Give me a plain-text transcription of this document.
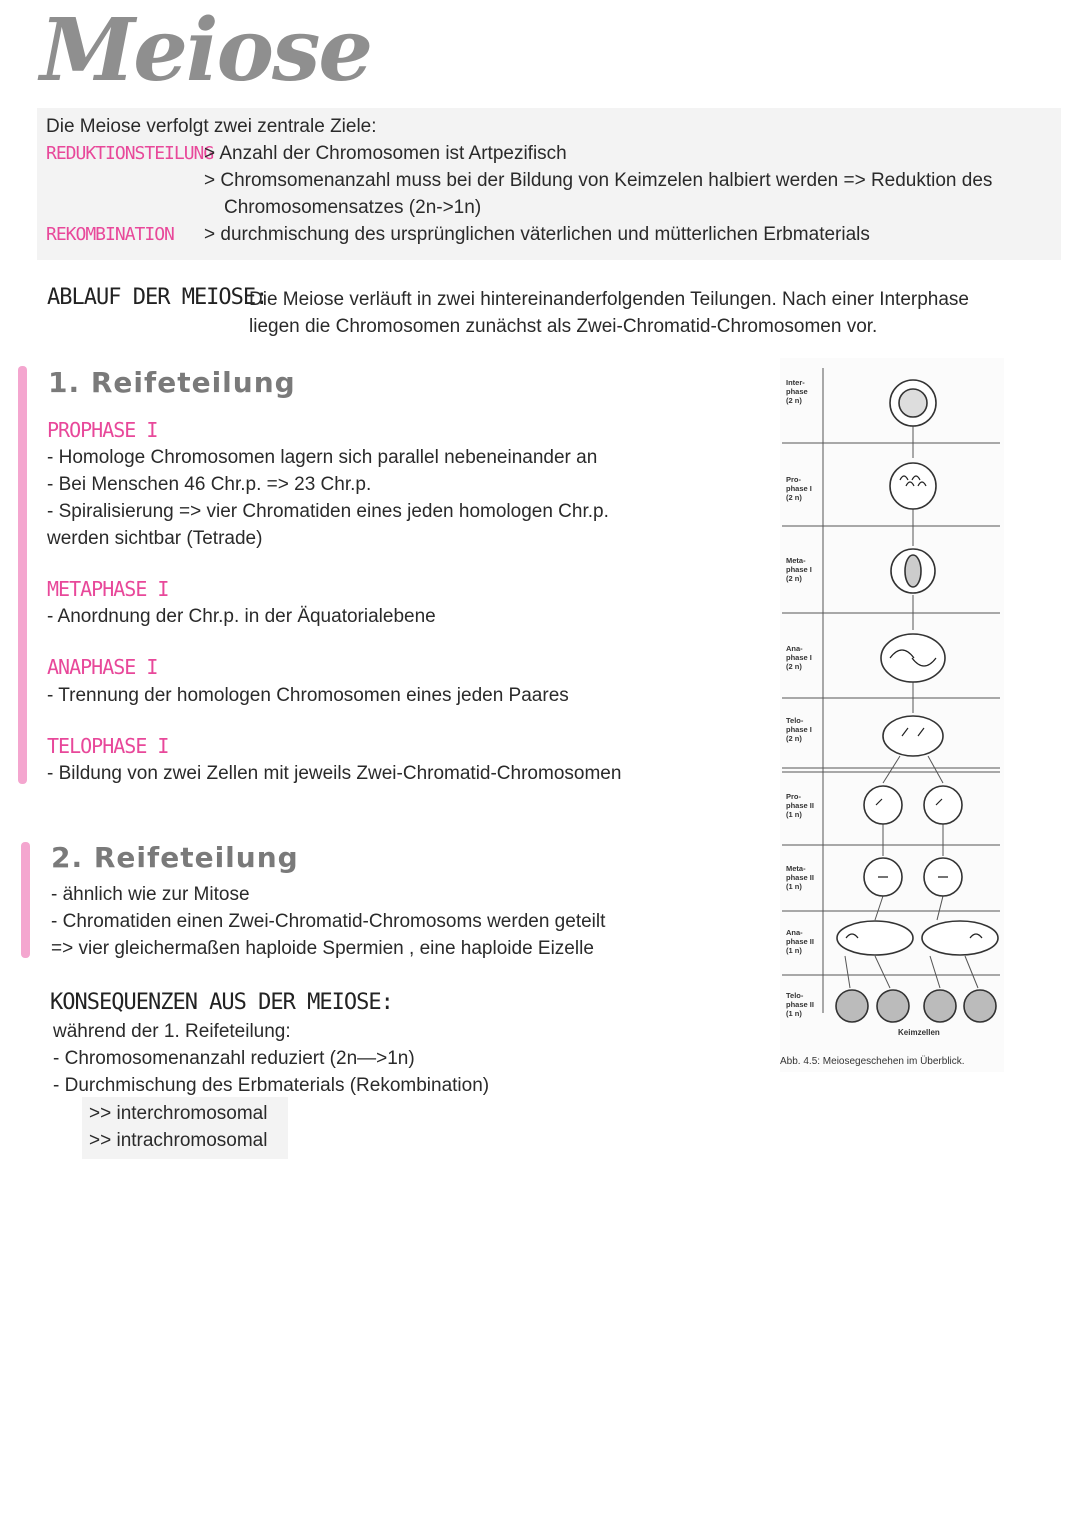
Meiose
Die Meiose verfolgt zwei zentrale Ziele:
REDUKTIONSTEILUNG
> Anzahl der Chromosomen ist Artpezifisch
> Chromsomenanzahl muss bei der Bildung von Keimzelen halbiert werden => Reduktion des
Chromosomensatzes (2n->1n)
REKOMBINATION > durchmischung des ursprünglichen väterlichen und mütterlichen Erbmaterials
ABLAUF DER MEIOSE:
Die Meiose verläuft in zwei hintereinanderfolgenden Teilungen. Nach einer Interphase
liegen die Chromosomen zunächst als Zwei-Chromatid-Chromosomen vor.
1. Reifeteilung
PROPHASE I
- Homologe Chromosomen lagern sich parallel nebeneinander an
- Bei Menschen 46 Chr.p. => 23 Chr.p.
- Spiralisierung => vier Chromatiden eines jeden homologen Chr.p.
werden sichtbar (Tetrade)
METAPHASE I
- Anordnung der Chr.p. in der Äquatorialebene
ANAPHASE I
- Trennung der homologen Chromosomen eines jeden Paares
TELOPHASE I
- Bildung von zwei Zellen mit jeweils Zwei-Chromatid-Chromosomen
2. Reifeteilung
- ähnlich wie zur Mitose
- Chromatiden einen Zwei-Chromatid-Chromosoms werden geteilt
=> vier gleichermaßen haploide Spermien , eine haploide Eizelle
KONSEQUENZEN AUS DER MEIOSE:
während der 1. Reifeteilung:
- Chromosomenanzahl reduziert (2n—>1n)
- Durchmischung des Erbmaterials (Rekombination)
>> interchromosomal
>> intrachromosomal
Inter-
phase
(2 n)
Pro-
phase I
(2 n)
Meta-
phase I
(2 n)
Ana-
phase I
(2 n)
Telo-
phase I
(2 n)
Pro-
phase II
(1 n)
Meta-
phase II
(1 n)
Ana-
phase II
(1 n)
Telo-
phase II
(1 n)
Keimzellen
Abb. 4.5: Meiosegeschehen im Überblick.
